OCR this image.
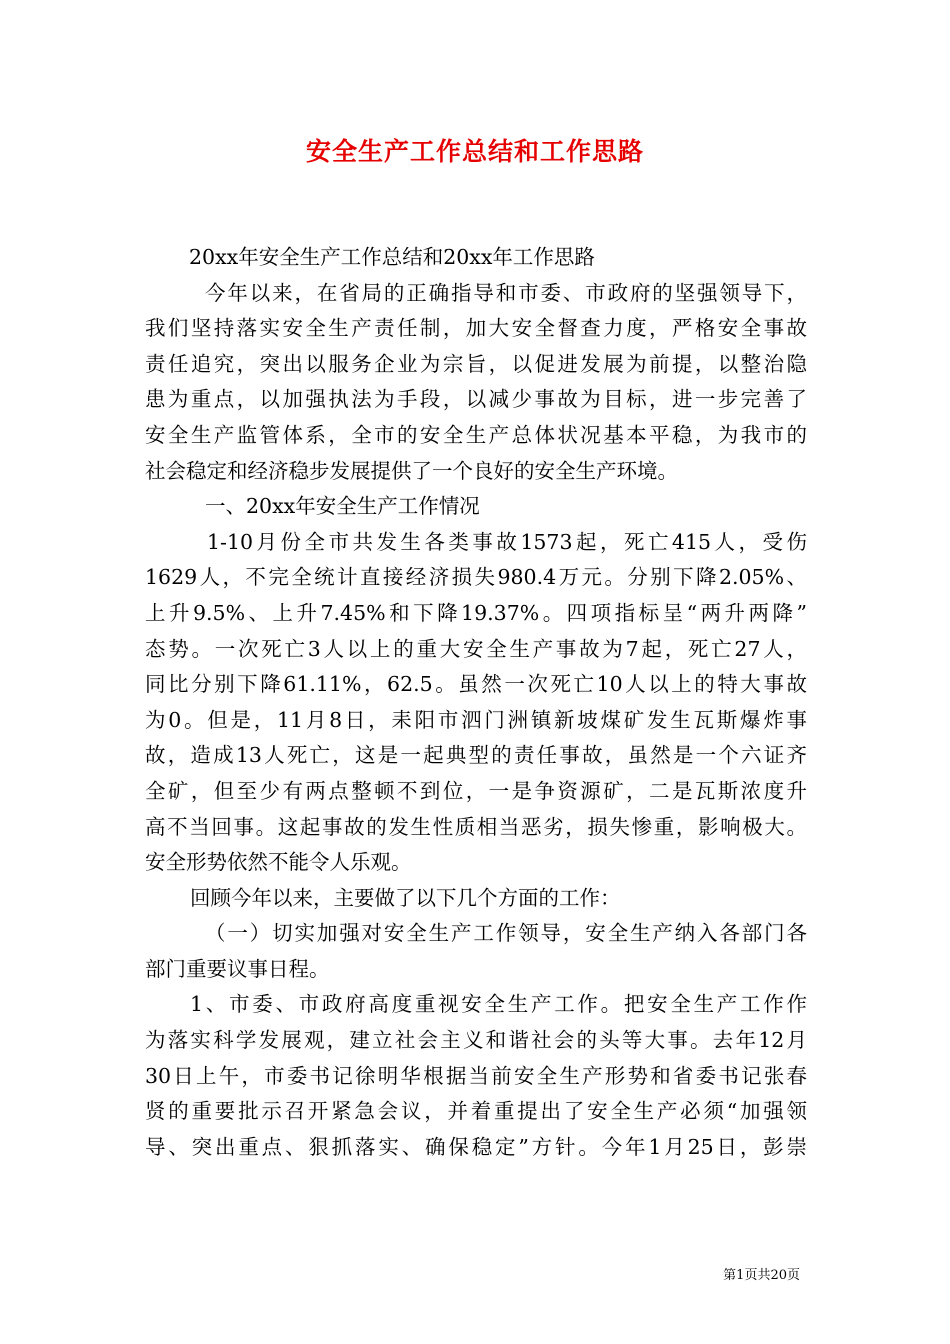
安全生产工作总结和工作思路
20xx年安全生产工作总结和20xx年工作思路
今年以来，在省局的正确指导和市委、市政府的坚强领导下，
我们坚持落实安全生产责任制，加大安全督查力度，严格安全事故
责任追究，突出以服务企业为宗旨，以促进发展为前提，以整治隐
患为重点，以加强执法为手段，以减少事故为目标，进一步完善了
安全生产监管体系，全市的安全生产总体状况基本平稳，为我市的
社会稳定和经济稳步发展提供了一个良好的安全生产环境。
一、20xx年安全生产工作情况
1-10月份全市共发生各类事故1573起，死亡415人，受伤
1629人，不完全统计直接经济损失980.4万元。分别下降2.05%、
上升9.5%、上升7.45%和下降19.37%。四项指标呈“两升两降”
态势。一次死亡3人以上的重大安全生产事故为7起，死亡27人，
同比分别下降61.11%，62.5。虽然一次死亡10人以上的特大事故
为0。但是，11月8日，耒阳市泗门洲镇新坡煤矿发生瓦斯爆炸事
故，造成13人死亡，这是一起典型的责任事故，虽然是一个六证齐
全矿，但至少有两点整顿不到位，一是争资源矿，二是瓦斯浓度升
高不当回事。这起事故的发生性质相当恶劣，损失惨重，影响极大。
安全形势依然不能令人乐观。
回顾今年以来，主要做了以下几个方面的工作：
（一）切实加强对安全生产工作领导，安全生产纳入各部门各
部门重要议事日程。
1、市委、市政府高度重视安全生产工作。把安全生产工作作
为落实科学发展观，建立社会主义和谐社会的头等大事。去年12月
30日上午，市委书记徐明华根据当前安全生产形势和省委书记张春
贤的重要批示召开紧急会议，并着重提出了安全生产必须“加强领
导、突出重点、狠抓落实、确保稳定”方针。今年1月25日，彭崇
第1页共20页
